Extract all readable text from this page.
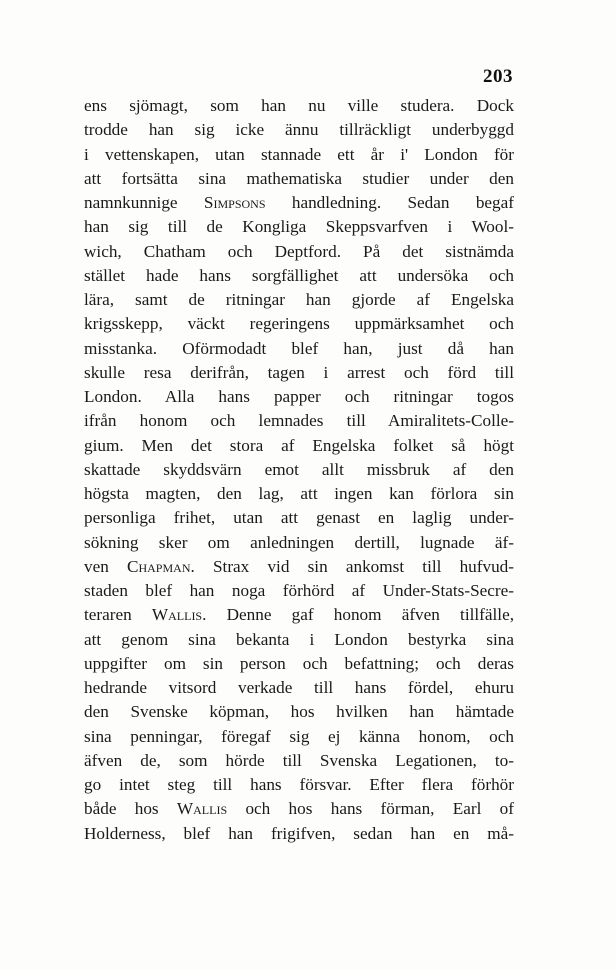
203
ens sjömagt, som han nu ville studera. Dock
trodde han sig icke ännu tillräckligt underbyggd
i vettenskapen, utan stannade ett år i' London för
att fortsätta sina mathematiska studier under den
namnkunnige Simpsons handledning. Sedan begaf
han sig till de Kongliga Skeppsvarfven i Wool-
wich, Chatham och Deptford. På det sistnämda
stället hade hans sorgfällighet att undersöka och
lära, samt de ritningar han gjorde af Engelska
krigsskepp, väckt regeringens uppmärksamhet och
misstanka. Oförmodadt blef han, just då han
skulle resa derifrån, tagen i arrest och förd till
London. Alla hans papper och ritningar togos
ifrån honom och lemnades till Amiralitets-Colle-
gium. Men det stora af Engelska folket så högt
skattade skyddsvärn emot allt missbruk af den
högsta magten, den lag, att ingen kan förlora sin
personliga frihet, utan att genast en laglig under-
sökning sker om anledningen dertill, lugnade äf-
ven Chapman. Strax vid sin ankomst till hufvud-
staden blef han noga förhörd af Under-Stats-Secre-
teraren Wallis. Denne gaf honom äfven tillfälle,
att genom sina bekanta i London bestyrka sina
uppgifter om sin person och befattning; och deras
hedrande vitsord verkade till hans fördel, ehuru
den Svenske köpman, hos hvilken han hämtade
sina penningar, föregaf sig ej känna honom, och
äfven de, som hörde till Svenska Legationen, to-
go intet steg till hans försvar. Efter flera förhör
både hos Wallis och hos hans förman, Earl of
Holderness, blef han frigifven, sedan han en må-
